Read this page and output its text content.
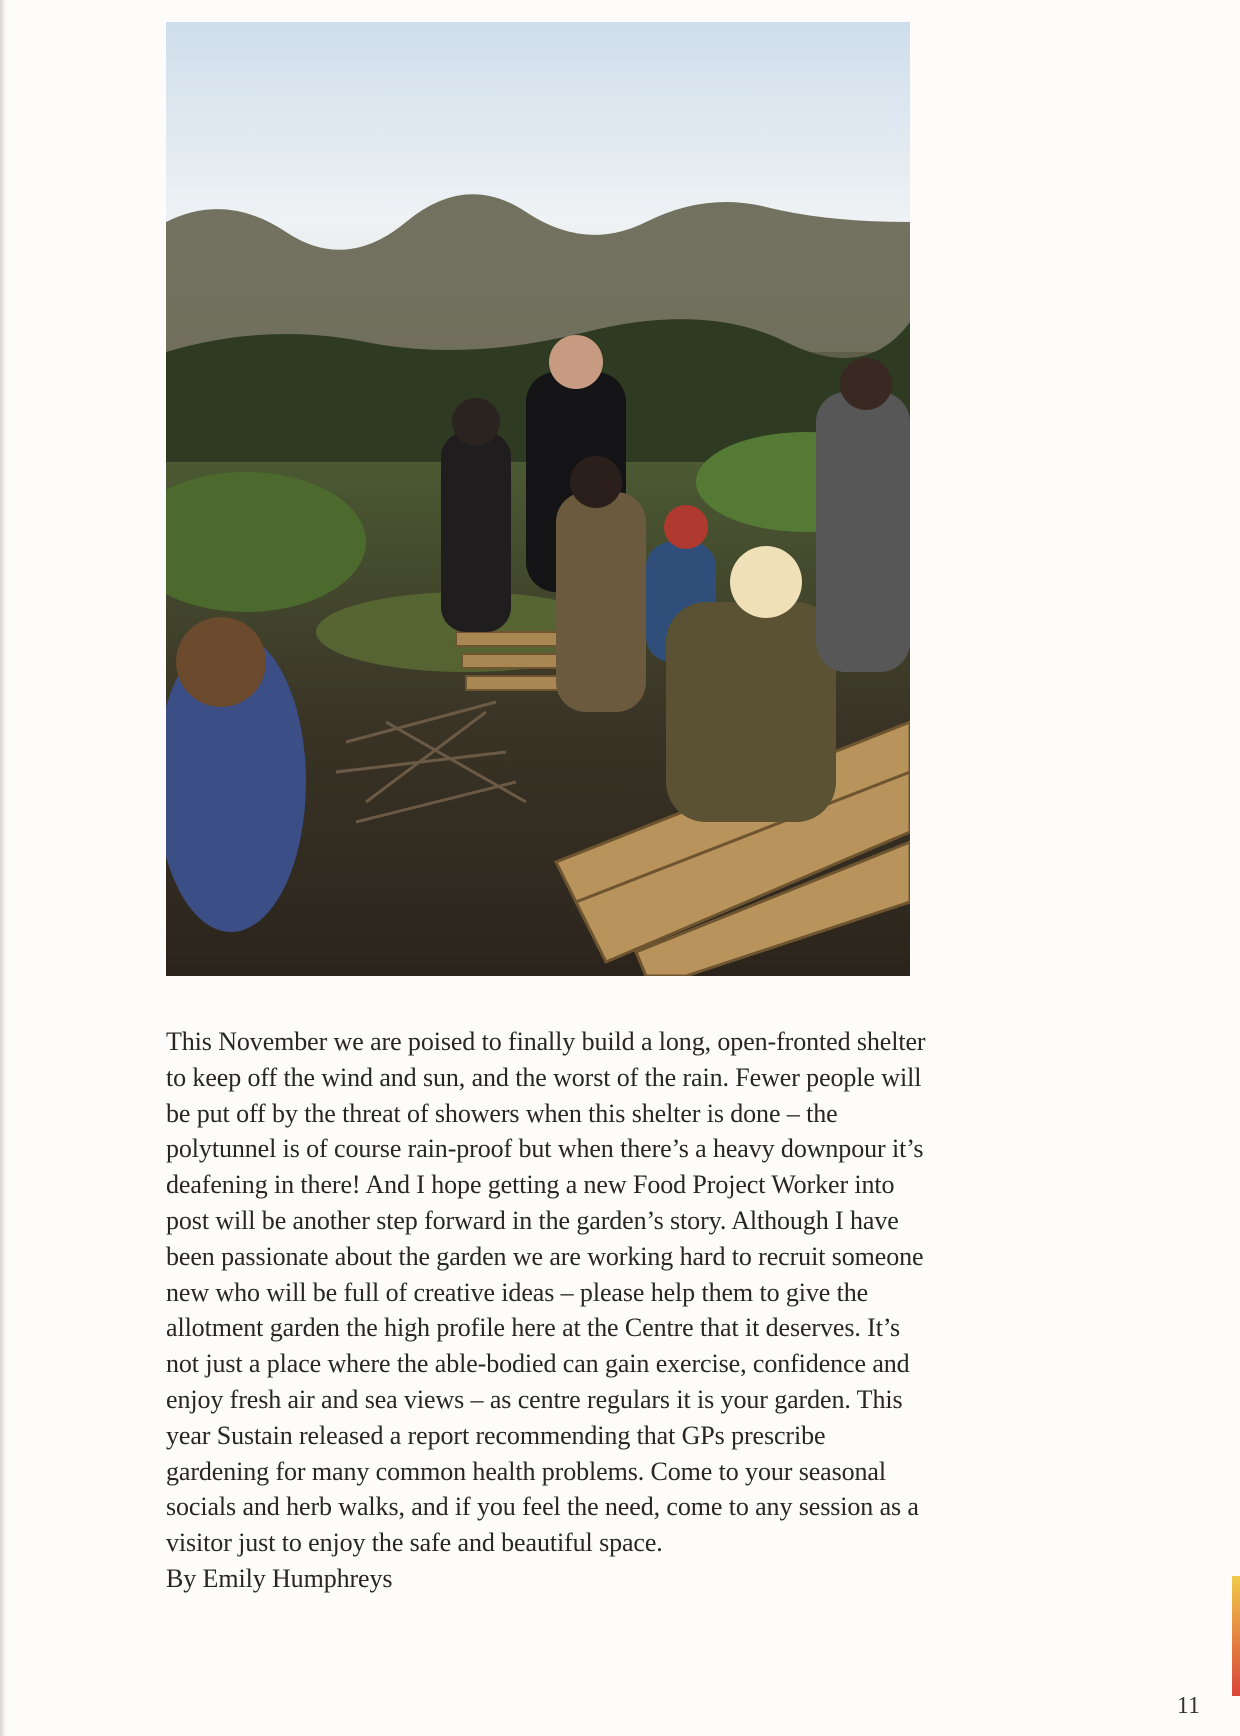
This November we are poised to finally build a long, open-fronted shelter to keep off the wind and sun, and the worst of the rain. Fewer people will be put off by the threat of showers when this shelter is done – the polytunnel is of course rain-proof but when there’s a heavy downpour it’s deafening in there! And I hope getting a new Food Project Worker into post will be another step forward in the garden’s story. Although I have been passionate about the garden we are working hard to recruit someone new who will be full of creative ideas – please help them to give the allotment garden the high profile here at the Centre that it deserves. It’s not just a place where the able-bodied can gain exercise, confidence and enjoy fresh air and sea views – as centre regulars it is your garden. This year Sustain released a report recommending that GPs prescribe gardening for many common health problems. Come to your seasonal socials and herb walks, and if you feel the need, come to any session as a visitor just to enjoy the safe and beautiful space.

By Emily Humphreys

11
